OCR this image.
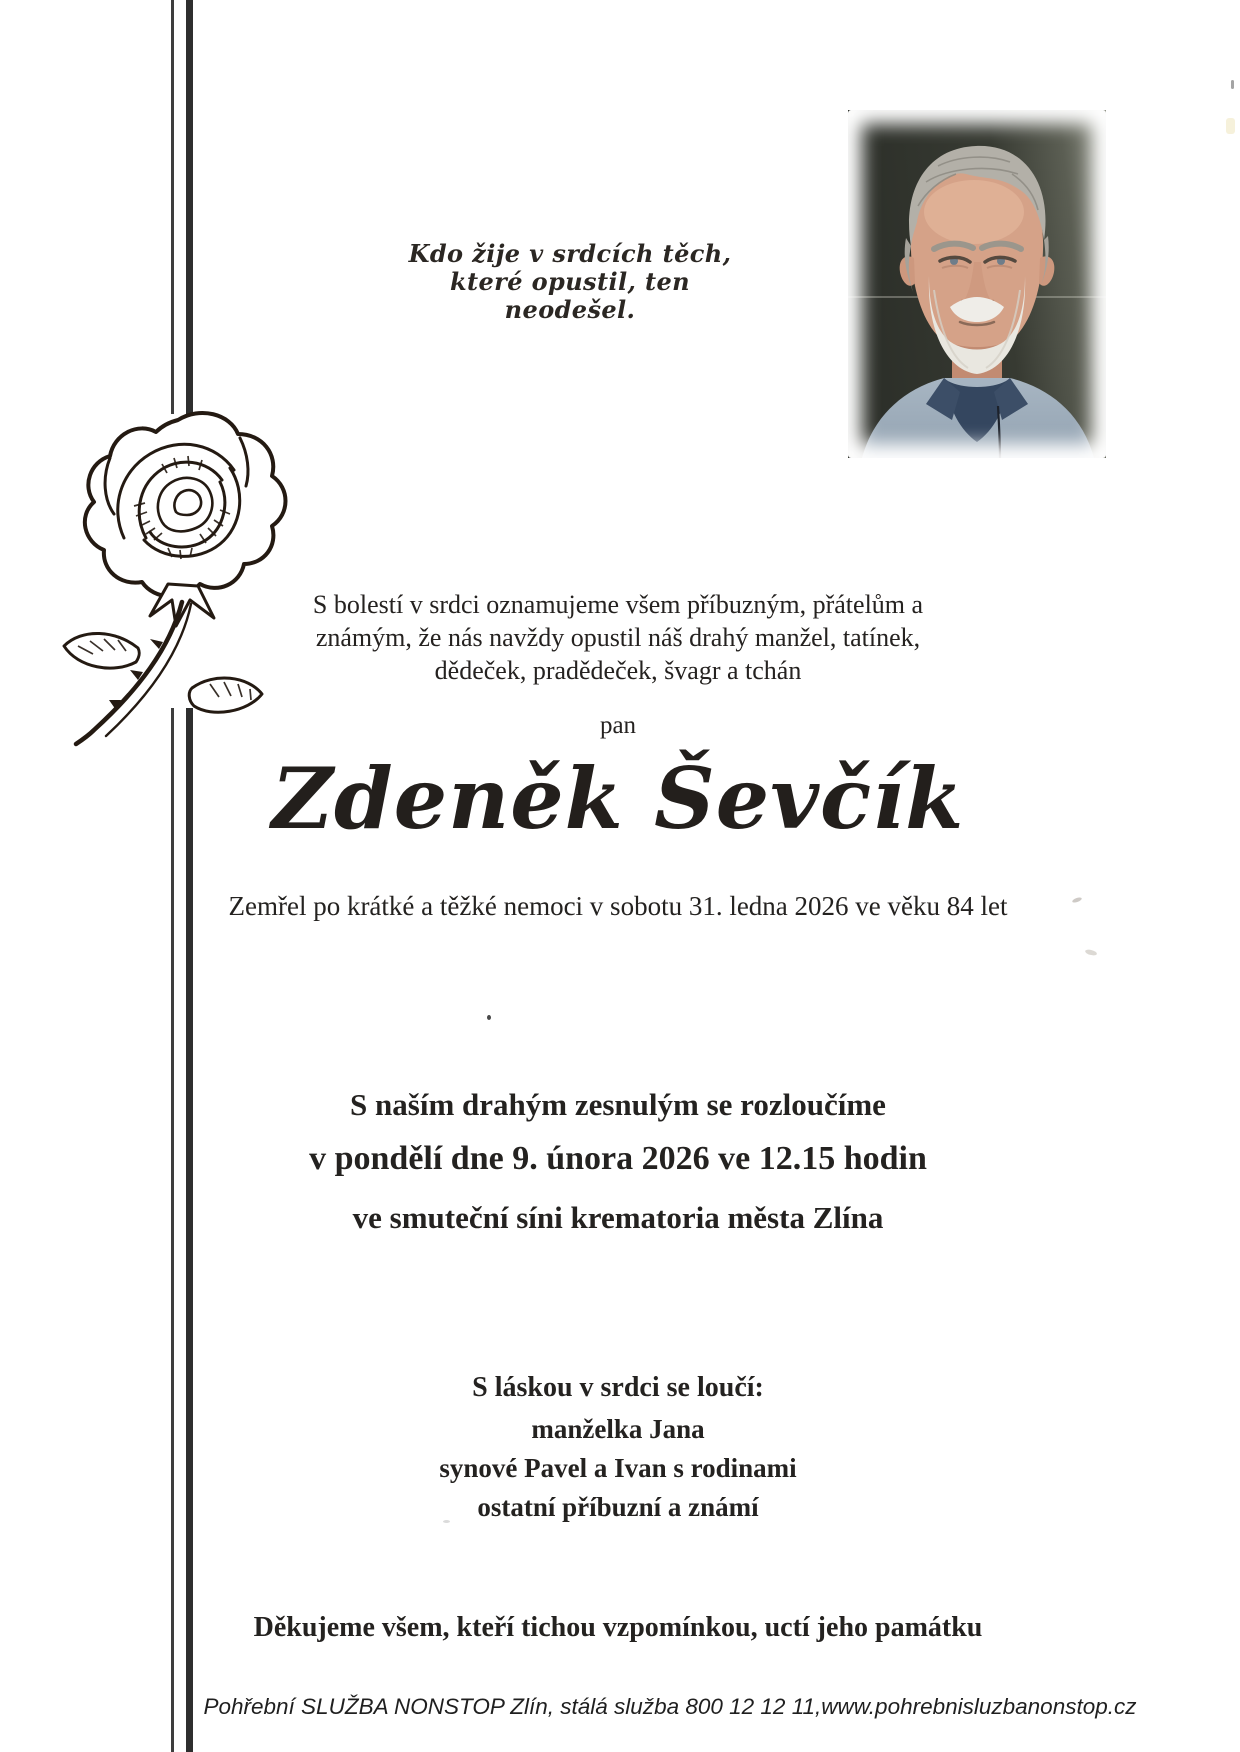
Kdo žije v srdcích těch,
které opustil, ten
neodešel.
S bolestí v srdci oznamujeme všem příbuzným, přátelům a
známým, že nás navždy opustil náš drahý manžel, tatínek,
dědeček, pradědeček, švagr a tchán
pan
Zdeněk Ševčík
Zemřel po krátké a těžké nemoci v sobotu 31. ledna 2026 ve věku 84 let
S naším drahým zesnulým se rozloučíme
v pondělí dne 9. února 2026 ve 12.15 hodin
ve smuteční síni krematoria města Zlína
S láskou v srdci se loučí:
manželka Jana
synové Pavel a Ivan s rodinami
ostatní příbuzní a známí
Děkujeme všem, kteří tichou vzpomínkou, uctí jeho památku
Pohřební SLUŽBA NONSTOP Zlín, stálá služba 800 12 12 11,www.pohrebnisluzbanonstop.cz
